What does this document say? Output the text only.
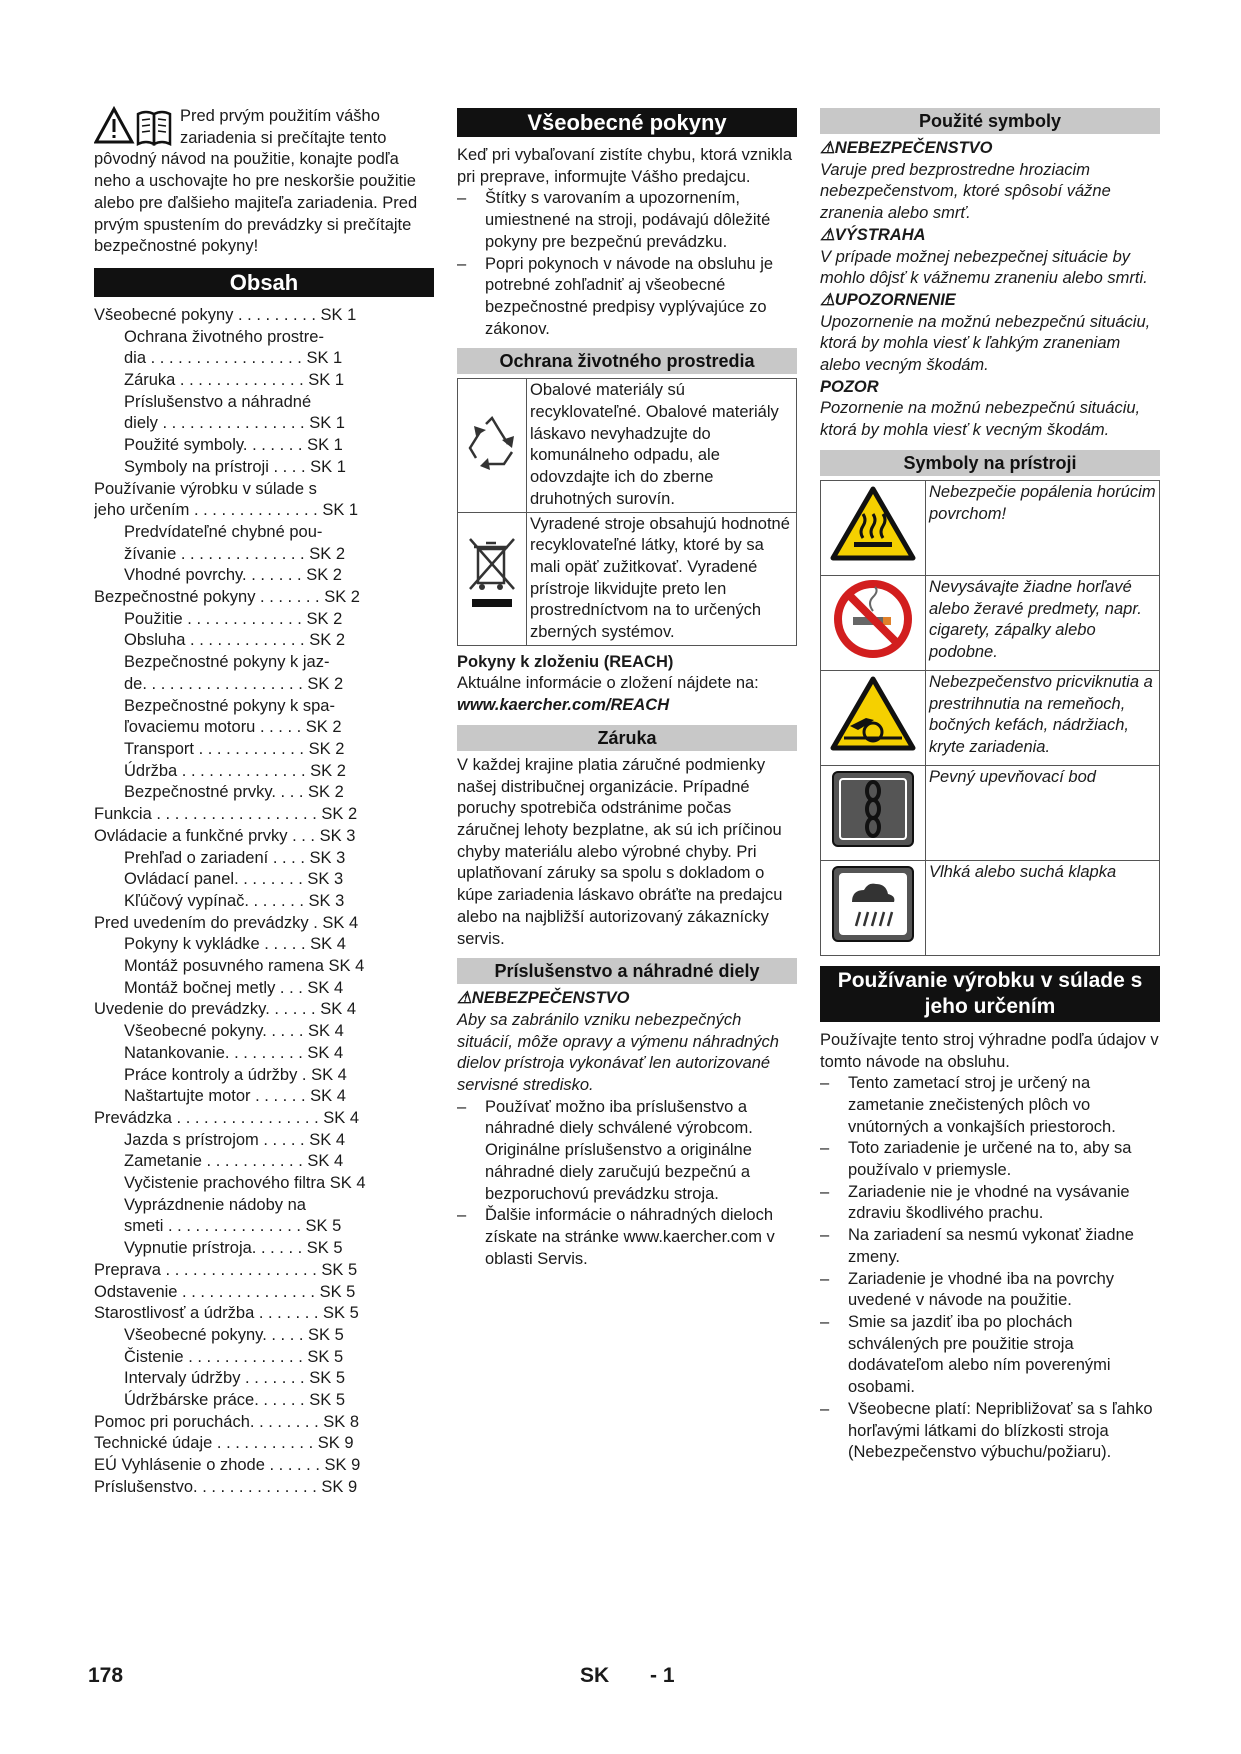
Pred prvým použitím vášho zariadenia si prečítajte tento pôvodný návod na použitie, konajte podľa neho a uschovajte ho pre neskoršie použitie alebo pre ďalšieho majiteľa zariadenia. Pred prvým spustením do prevádzky si prečítajte bezpečnostné pokyny!

Obsah
Všeobecné pokyny . . . . . . . . . SK 1
Ochrana životného prostre-
dia . . . . . . . . . . . . . . . . . SK 1
Záruka . . . . . . . . . . . . . . SK 1
Príslušenstvo a náhradné
diely . . . . . . . . . . . . . . . . SK 1
Použité symboly. . . . . . . SK 1
Symboly na prístroji . . . . SK 1
Používanie výrobku v súlade s
jeho určením . . . . . . . . . . . . . . SK 1
Predvídateľné chybné pou-
žívanie . . . . . . . . . . . . . . SK 2
Vhodné povrchy. . . . . . . SK 2
Bezpečnostné pokyny . . . . . . . SK 2
Použitie . . . . . . . . . . . . . SK 2
Obsluha . . . . . . . . . . . . . SK 2
Bezpečnostné pokyny k jaz-
de. . . . . . . . . . . . . . . . . . SK 2
Bezpečnostné pokyny k spa-
ľovaciemu motoru . . . . . SK 2
Transport . . . . . . . . . . . . SK 2
Údržba . . . . . . . . . . . . . . SK 2
Bezpečnostné prvky. . . . SK 2
Funkcia . . . . . . . . . . . . . . . . . . SK 2
Ovládacie a funkčné prvky . . . SK 3
Prehľad o zariadení . . . . SK 3
Ovládací panel. . . . . . . . SK 3
Kľúčový vypínač. . . . . . . SK 3
Pred uvedením do prevádzky . SK 4
Pokyny k vykládke . . . . . SK 4
Montáž posuvného ramena SK 4
Montáž bočnej metly . . . SK 4
Uvedenie do prevádzky. . . . . . SK 4
Všeobecné pokyny. . . . . SK 4
Natankovanie. . . . . . . . . SK 4
Práce kontroly a údržby . SK 4
Naštartujte motor . . . . . . SK 4
Prevádzka . . . . . . . . . . . . . . . . SK 4
Jazda s prístrojom . . . . . SK 4
Zametanie . . . . . . . . . . . SK 4
Vyčistenie prachového filtra SK 4
Vyprázdnenie nádoby na
smeti . . . . . . . . . . . . . . . SK 5
Vypnutie prístroja. . . . . . SK 5
Preprava . . . . . . . . . . . . . . . . . SK 5
Odstavenie . . . . . . . . . . . . . . . SK 5
Starostlivosť a údržba . . . . . . . SK 5
Všeobecné pokyny. . . . . SK 5
Čistenie . . . . . . . . . . . . . SK 5
Intervaly údržby . . . . . . . SK 5
Údržbárske práce. . . . . . SK 5
Pomoc pri poruchách. . . . . . . . SK 8
Technické údaje . . . . . . . . . . . SK 9
EÚ Vyhlásenie o zhode . . . . . . SK 9
Príslušenstvo. . . . . . . . . . . . . . SK 9
Všeobecné pokyny

Keď pri vybaľovaní zistíte chybu, ktorá vznikla pri preprave, informujte Vášho predajcu.

– Štítky s varovaním a upozornením, umiestnené na stroji, podávajú dôležité pokyny pre bezpečnú prevádzku.
– Popri pokynoch v návode na obsluhu je potrebné zohľadniť aj všeobecné bezpečnostné predpisy vyplývajúce zo zákonov.
Ochrana životného prostredia
	Obalové materiály sú recyklovateľné. Obalové materiály láskavo nevyhadzujte do komunálneho odpadu, ale odovzdajte ich do zberne druhotných surovín.
	Vyradené stroje obsahujú hodnotné recyklovateľné látky, ktoré by sa mali opäť zužitkovať. Vyradené prístroje likvidujte preto len prostredníctvom na to určených zberných systémov.
Pokyny k zloženiu (REACH)
Aktuálne informácie o zložení nájdete na:
www.kaercher.com/REACH
Záruka

V každej krajine platia záručné podmienky našej distribučnej organizácie. Prípadné poruchy spotrebiča odstránime počas záručnej lehoty bezplatne, ak sú ich príčinou chyby materiálu alebo výrobné chyby. Pri uplatňovaní záruky sa spolu s dokladom o kúpe zariadenia láskavo obráťte na predajcu alebo na najbližší autorizovaný zákaznícky servis.

Príslušenstvo a náhradné diely
⚠NEBEZPEČENSTVO
Aby sa zabránilo vzniku nebezpečných situácií, môže opravy a výmenu náhradných dielov prístroja vykonávať len autorizované servisné stredisko.
– Používať možno iba príslušenstvo a náhradné diely schválené výrobcom. Originálne príslušenstvo a originálne náhradné diely zaručujú bezpečnú a bezporuchovú prevádzku stroja.
– Ďalšie informácie o náhradných dieloch získate na stránke www.kaercher.com v oblasti Servis.
Použité symboly
⚠NEBEZPEČENSTVO
Varuje pred bezprostredne hroziacim nebezpečenstvom, ktoré spôsobí vážne zranenia alebo smrť.
⚠VÝSTRAHA
V prípade možnej nebezpečnej situácie by mohlo dôjsť k vážnemu zraneniu alebo smrti.
⚠UPOZORNENIE
Upozornenie na možnú nebezpečnú situáciu, ktorá by mohla viesť k ľahkým zraneniam alebo vecným škodám.
POZOR
Pozornenie na možnú nebezpečnú situáciu, ktorá by mohla viesť k vecným škodám.
Symboly na prístroji
	Nebezpečie popálenia horúcim povrchom!
	Nevysávajte žiadne horľavé alebo žeravé predmety, napr. cigarety, zápalky alebo podobne.
	Nebezpečenstvo pricviknutia a prestrihnutia na remeňoch, bočných kefách, nádržiach, kryte zariadenia.
	Pevný upevňovací bod
	Vlhká alebo suchá klapka
Používanie výrobku v súlade s jeho určením

Používajte tento stroj výhradne podľa údajov v tomto návode na obsluhu.

– Tento zametací stroj je určený na zametanie znečistených plôch vo vnútorných a vonkajších priestoroch.
– Toto zariadenie je určené na to, aby sa používalo v priemysle.
– Zariadenie nie je vhodné na vysávanie zdraviu škodlivého prachu.
– Na zariadení sa nesmú vykonať žiadne zmeny.
– Zariadenie je vhodné iba na povrchy uvedené v návode na použitie.
– Smie sa jazdiť iba po plochách schválených pre použitie stroja dodávateľom alebo ním poverenými osobami.
– Všeobecne platí: Nepribližovať sa s ľahko horľavými látkami do blízkosti stroja (Nebezpečenstvo výbuchu/požiaru).
178	SK - 1
